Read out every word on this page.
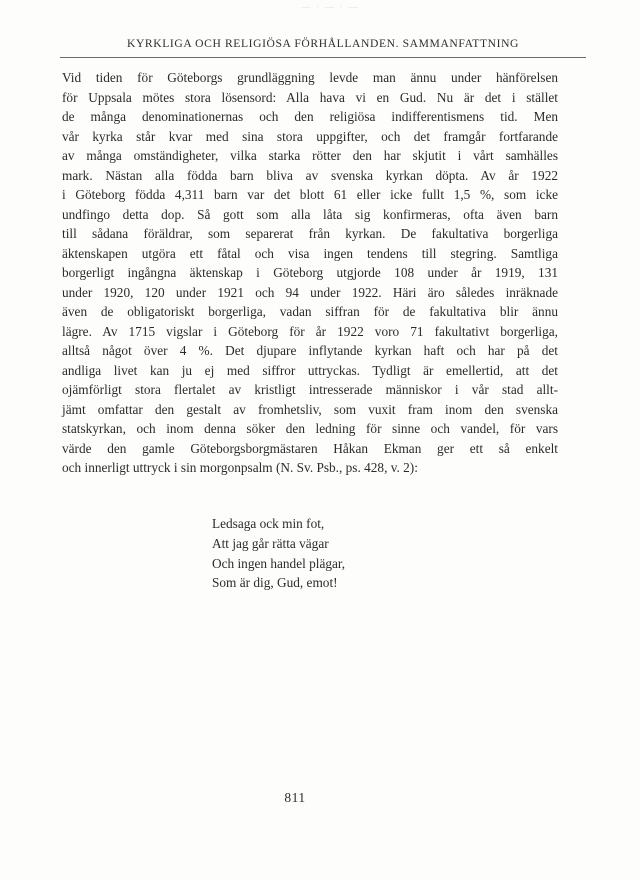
— · — · —
KYRKLIGA OCH RELIGIÖSA FÖRHÅLLANDEN. SAMMANFATTNING
Vid tiden för Göteborgs grundläggning levde man ännu under hänförelsen
för Uppsala mötes stora lösensord: Alla hava vi en Gud. Nu är det i stället
de många denominationernas och den religiösa indifferentismens tid. Men
vår kyrka står kvar med sina stora uppgifter, och det framgår fortfarande
av många omständigheter, vilka starka rötter den har skjutit i vårt samhälles
mark. Nästan alla födda barn bliva av svenska kyrkan döpta. Av år 1922
i Göteborg födda 4,311 barn var det blott 61 eller icke fullt 1,5 %, som icke
undfingo detta dop. Så gott som alla låta sig konfirmeras, ofta även barn
till sådana föräldrar, som separerat från kyrkan. De fakultativa borgerliga
äktenskapen utgöra ett fåtal och visa ingen tendens till stegring. Samtliga
borgerligt ingångna äktenskap i Göteborg utgjorde 108 under år 1919, 131
under 1920, 120 under 1921 och 94 under 1922. Häri äro således inräknade
även de obligatoriskt borgerliga, vadan siffran för de fakultativa blir ännu
lägre. Av 1715 vigslar i Göteborg för år 1922 voro 71 fakultativt borgerliga,
alltså något över 4 %. Det djupare inflytande kyrkan haft och har på det
andliga livet kan ju ej med siffror uttryckas. Tydligt är emellertid, att det
ojämförligt stora flertalet av kristligt intresserade människor i vår stad allt-
jämt omfattar den gestalt av fromhetsliv, som vuxit fram inom den svenska
statskyrkan, och inom denna söker den ledning för sinne och vandel, för vars
värde den gamle Göteborgsborgmästaren Håkan Ekman ger ett så enkelt
och innerligt uttryck i sin morgonpsalm (N. Sv. Psb., ps. 428, v. 2):
Ledsaga ock min fot,
Att jag går rätta vägar
Och ingen handel plägar,
Som är dig, Gud, emot!
811
